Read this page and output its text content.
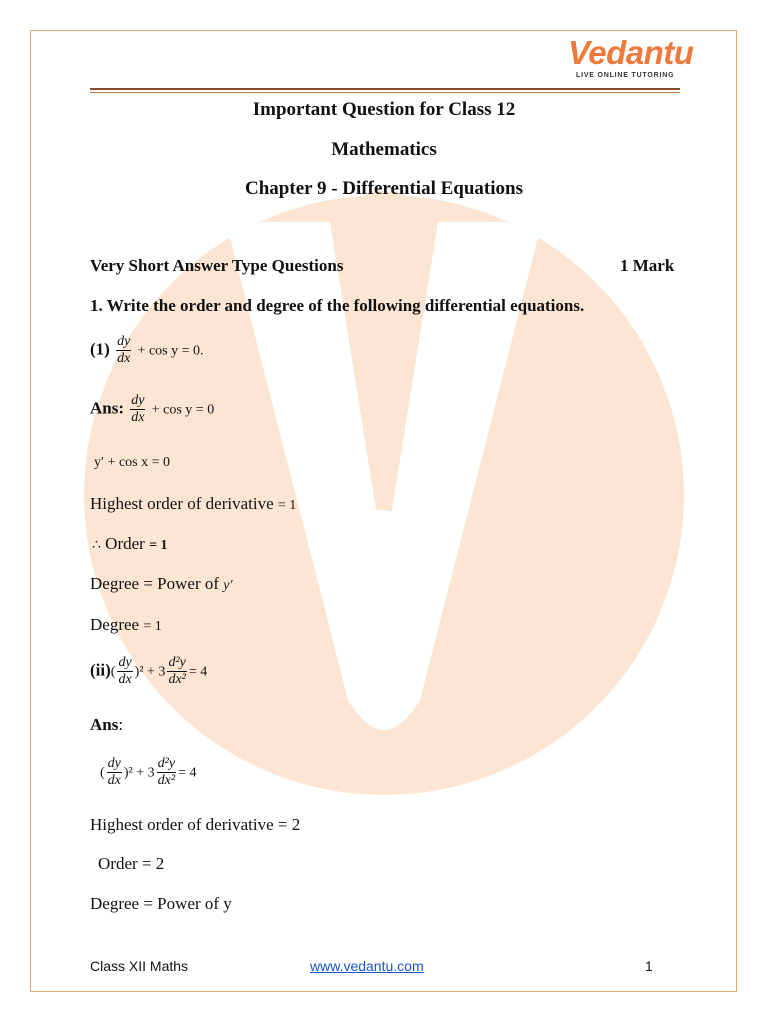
Vedantu
LIVE ONLINE TUTORING
Important Question for Class 12
Mathematics
Chapter 9 - Differential Equations
Very Short Answer Type Questions	1 Mark
1. Write the order and degree of the following differential equations.
$(1) \frac{dy}{dx} + \cos y = 0$.
Ans: $\frac{dy}{dx} + \cos y = 0$
y′ + cos x = 0
Highest order of derivative = 1
∴ Order = 1
Degree = Power of y′
Degree = 1
$(ii)( \frac{dy}{dx} )^2 + 3 \frac{\text{d²y}}{\text{dx²}} = 4$
Ans:
( $\frac{dy}{dx} )^2 + 3 \frac{\text{d²y}}{\text{dx²}} = 4$
Highest order of derivative = 2
Order = 2
Degree = Power of y
Class XII Maths	www.vedantu.com	1
